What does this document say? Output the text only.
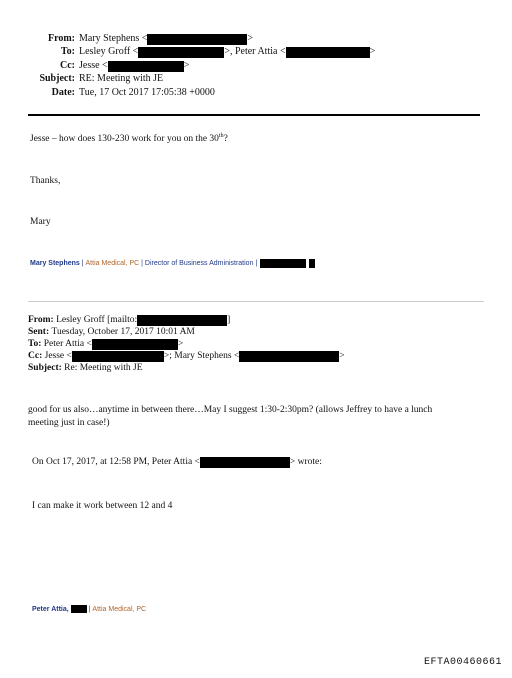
From: Mary Stephens <	>
To: Lesley Groff <	>, Peter Attia <	>
Cc: Jesse <	>
Subject: RE: Meeting with JE
Date: Tue, 17 Oct 2017 17:05:38 +0000
Jesse – how does 130-230 work for you on the 30th?
Thanks,
Mary
Mary Stephens | Attia Medical, PC | Director of Business Administration |
From:
Lesley Groff [mailto:	]
Sent:
Tuesday, October 17, 2017 10:01 AM
To:
Peter Attia <	>
Cc:
Jesse <	>; Mary Stephens <	>
Subject:
Re: Meeting with JE
good for us also…anytime in between there…May I suggest 1:30-2:30pm? (allows Jeffrey to have a lunch
meeting just in case!)
On Oct 17, 2017, at 12:58 PM, Peter Attia <	> wrote:
I can make it work between 12 and 4
Peter Attia,	| Attia Medical, PC
EFTA00460661
